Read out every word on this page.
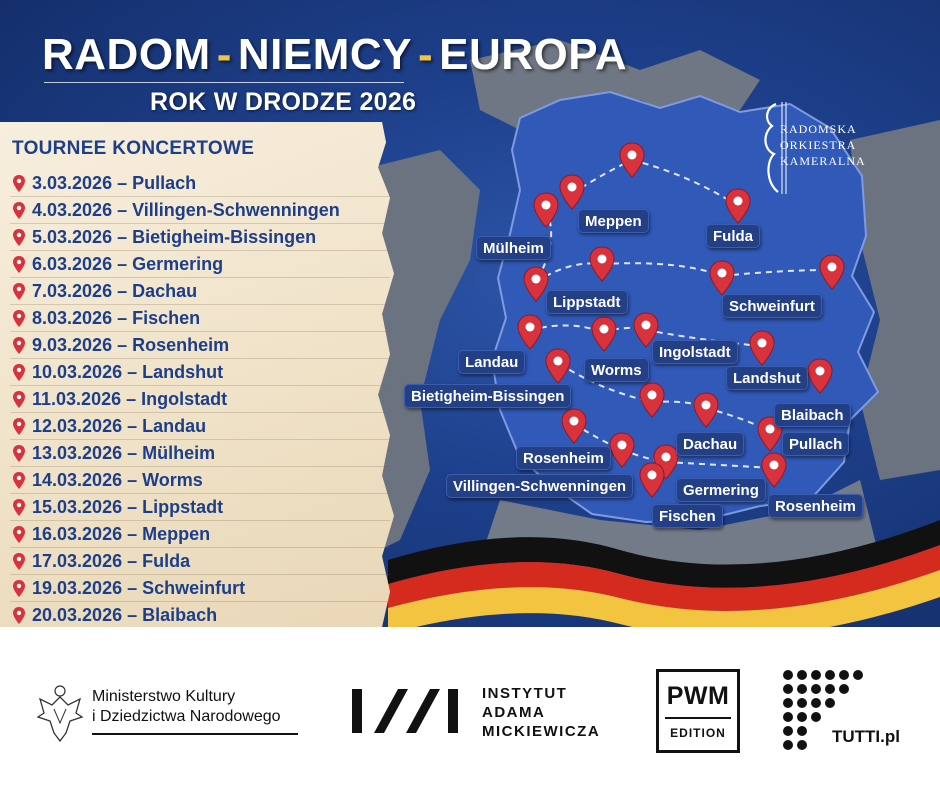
RADOM - NIEMCY - EUROPA
ROK W DRODZE 2026
TOURNEE KONCERTOWE
3.03.2026 – Pullach
4.03.2026 – Villingen-Schwenningen
5.03.2026 – Bietigheim-Bissingen
6.03.2026 – Germering
7.03.2026 – Dachau
8.03.2026 – Fischen
9.03.2026 – Rosenheim
10.03.2026 – Landshut
11.03.2026 – Ingolstadt
12.03.2026 – Landau
13.03.2026 – Mülheim
14.03.2026 – Worms
15.03.2026 – Lippstadt
16.03.2026 – Meppen
17.03.2026 – Fulda
19.03.2026 – Schweinfurt
20.03.2026 – Blaibach
RADOMSKA
ORKIESTRA
KAMERALNA
Meppen
Mülheim
Fulda
Lippstadt	Schweinfurt
Ingolstadt
Landau	Worms	Landshut
Bietigheim-Bissingen
Blaibach
Dachau	Pullach
Rosenheim
Villingen-Schwenningen	Germering
Rosenheim
Fischen
Ministerstwo Kultury
i Dziedzictwa Narodowego
INSTYTUT
ADAMA
MICKIEWICZA
PWM
EDITION	TUTTI.pl
